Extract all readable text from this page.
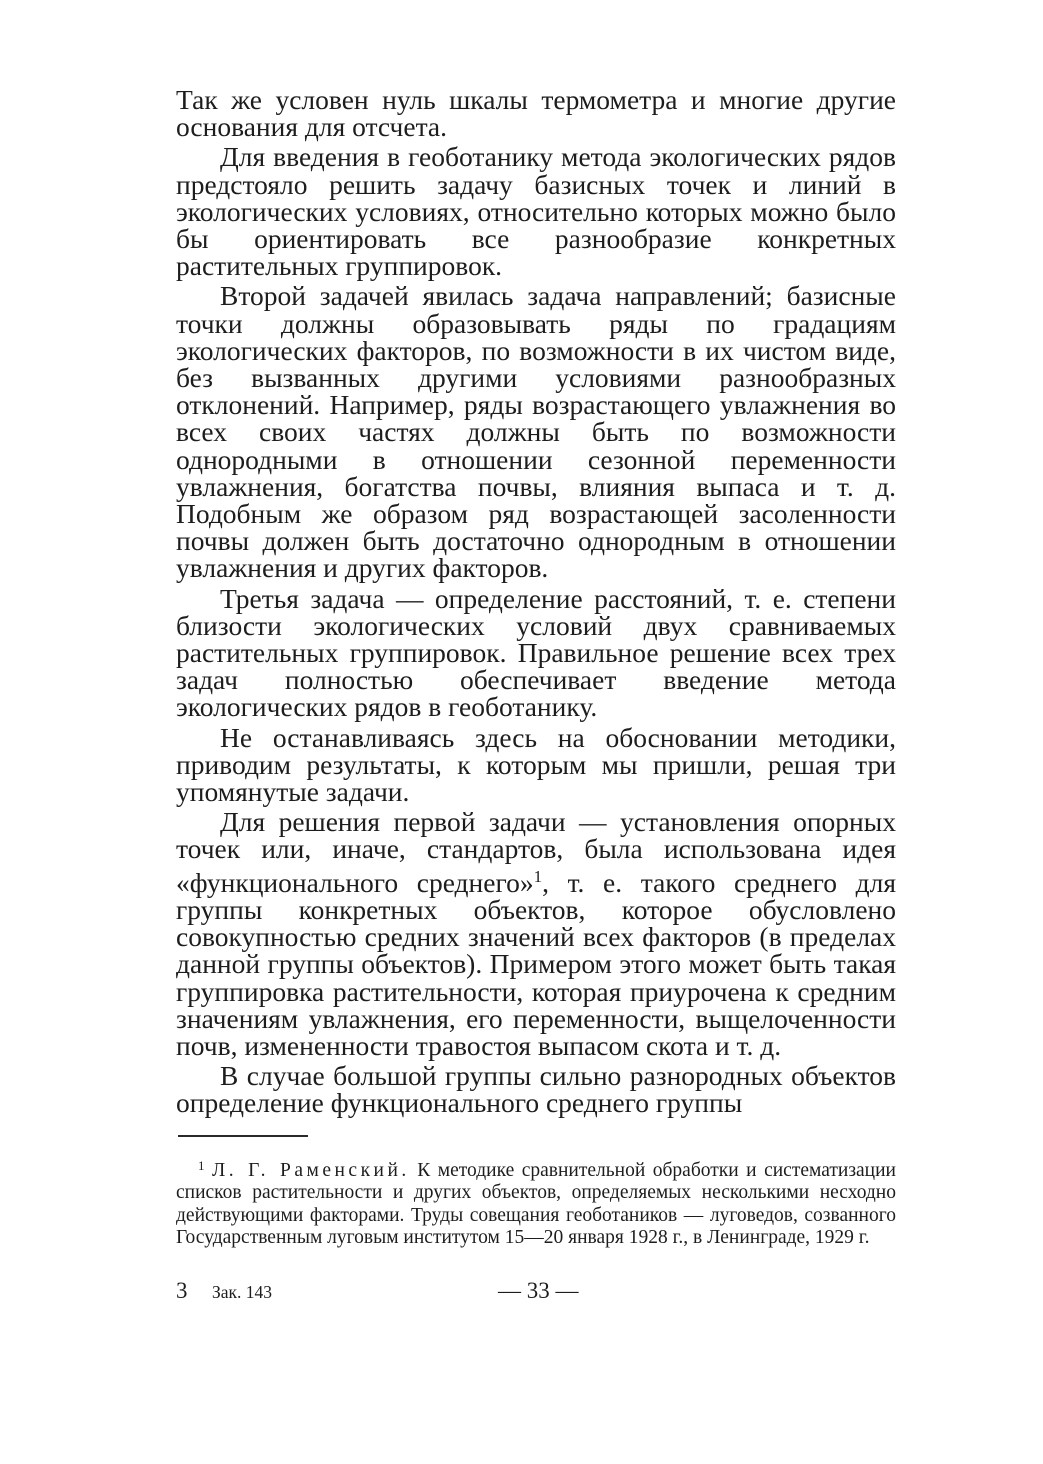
Так же условен нуль шкалы термометра и многие другие основания для отсчета.

Для введения в геоботанику метода экологических рядов предстояло решить задачу базисных точек и линий в экологических условиях, относительно которых можно было бы ориентировать все разнообразие конкретных растительных группировок.

Второй задачей явилась задача направлений; базисные точки должны образовывать ряды по градациям экологических факторов, по возможности в их чистом виде, без вызванных другими условиями разнообразных отклонений. Например, ряды возрастающего увлажнения во всех своих частях должны быть по возможности однородными в отношении сезонной переменности увлажнения, богатства почвы, влияния выпаса и т. д. Подобным же образом ряд возрастающей засоленности почвы должен быть достаточно однородным в отношении увлажнения и других факторов.

Третья задача — определение расстояний, т. е. степени близости экологических условий двух сравниваемых растительных группировок. Правильное решение всех трех задач полностью обеспечивает введение метода экологических рядов в геоботанику.

Не останавливаясь здесь на обосновании методики, приводим результаты, к которым мы пришли, решая три упомянутые задачи.

Для решения первой задачи — установления опорных точек или, иначе, стандартов, была использована идея «функционального среднего»$^1$, т. е. такого среднего для группы конкретных объектов, которое обусловлено совокупностью средних значений всех факторов (в пределах данной группы объектов). Примером этого может быть такая группировка растительности, которая приурочена к средним значениям увлажнения, его переменности, выщелоченности почв, измененности травостоя выпасом скота и т. д.

В случае большой группы сильно разнородных объектов определение функционального среднего группы

$^1$ Л. Г. Раменский. К методике сравнительной обработки и систематизации списков растительности и других объектов, определяемых несколькими несходно действующими факторами. Труды совещания геоботаников — луговедов, созванного Государственным луговым институтом 15—20 января 1928 г., в Ленинграде, 1929 г.

3 Зак. 143	— 33 —
